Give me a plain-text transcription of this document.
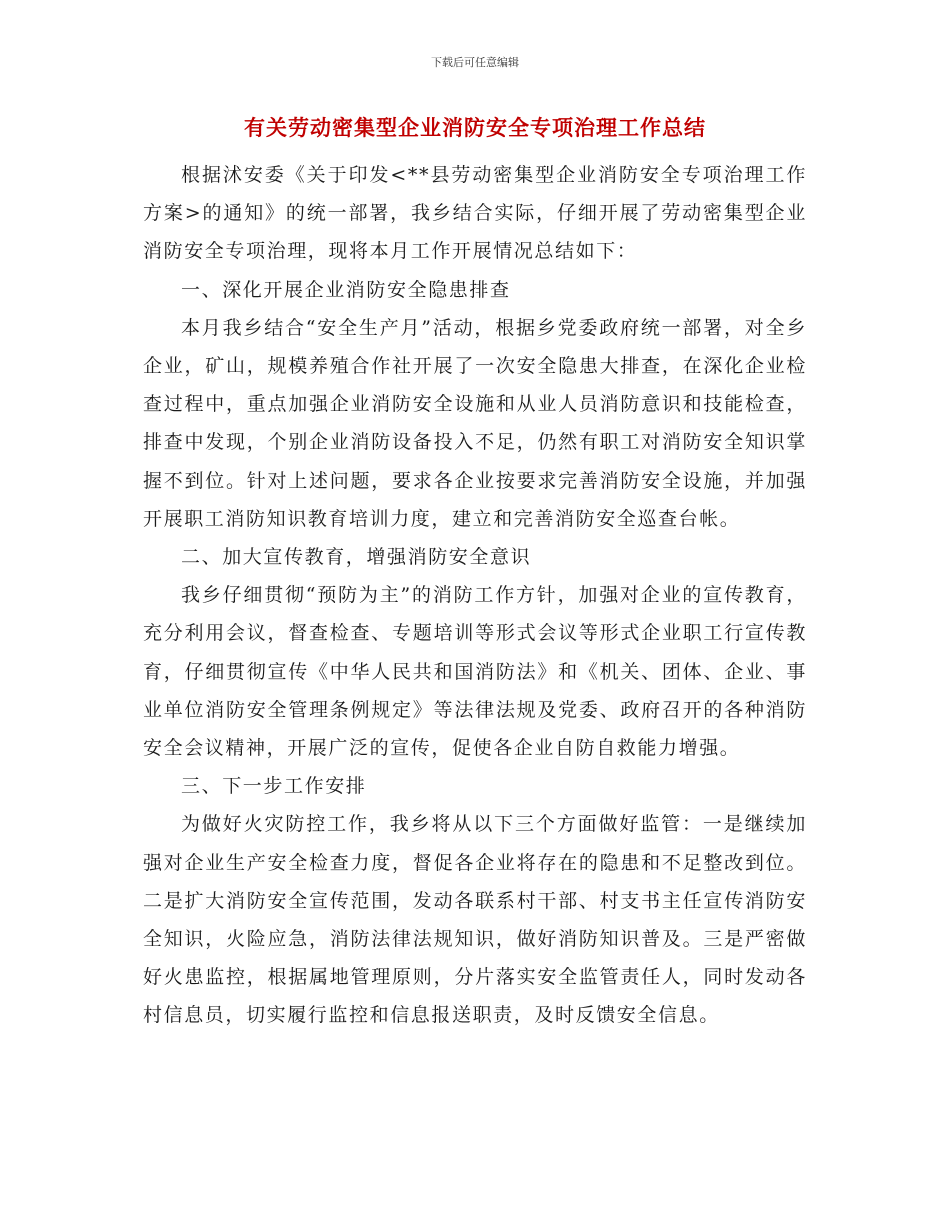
下载后可任意编辑
有关劳动密集型企业消防安全专项治理工作总结

根据沭安委《关于印发<**县劳动密集型企业消防安全专项治理工作方案>的通知》的统一部署，我乡结合实际，仔细开展了劳动密集型企业消防安全专项治理，现将本月工作开展情况总结如下：

一、深化开展企业消防安全隐患排查

本月我乡结合“安全生产月”活动，根据乡党委政府统一部署，对全乡企业，矿山，规模养殖合作社开展了一次安全隐患大排查，在深化企业检查过程中，重点加强企业消防安全设施和从业人员消防意识和技能检查，排查中发现，个别企业消防设备投入不足，仍然有职工对消防安全知识掌握不到位。针对上述问题，要求各企业按要求完善消防安全设施，并加强开展职工消防知识教育培训力度，建立和完善消防安全巡查台帐。

二、加大宣传教育，增强消防安全意识

我乡仔细贯彻“预防为主”的消防工作方针，加强对企业的宣传教育，充分利用会议，督查检查、专题培训等形式会议等形式企业职工行宣传教育，仔细贯彻宣传《中华人民共和国消防法》和《机关、团体、企业、事业单位消防安全管理条例规定》等法律法规及党委、政府召开的各种消防安全会议精神，开展广泛的宣传，促使各企业自防自救能力增强。

三、下一步工作安排

为做好火灾防控工作，我乡将从以下三个方面做好监管：一是继续加强对企业生产安全检查力度，督促各企业将存在的隐患和不足整改到位。二是扩大消防安全宣传范围，发动各联系村干部、村支书主任宣传消防安全知识，火险应急，消防法律法规知识，做好消防知识普及。三是严密做好火患监控，根据属地管理原则，分片落实安全监管责任人，同时发动各村信息员，切实履行监控和信息报送职责，及时反馈安全信息。
